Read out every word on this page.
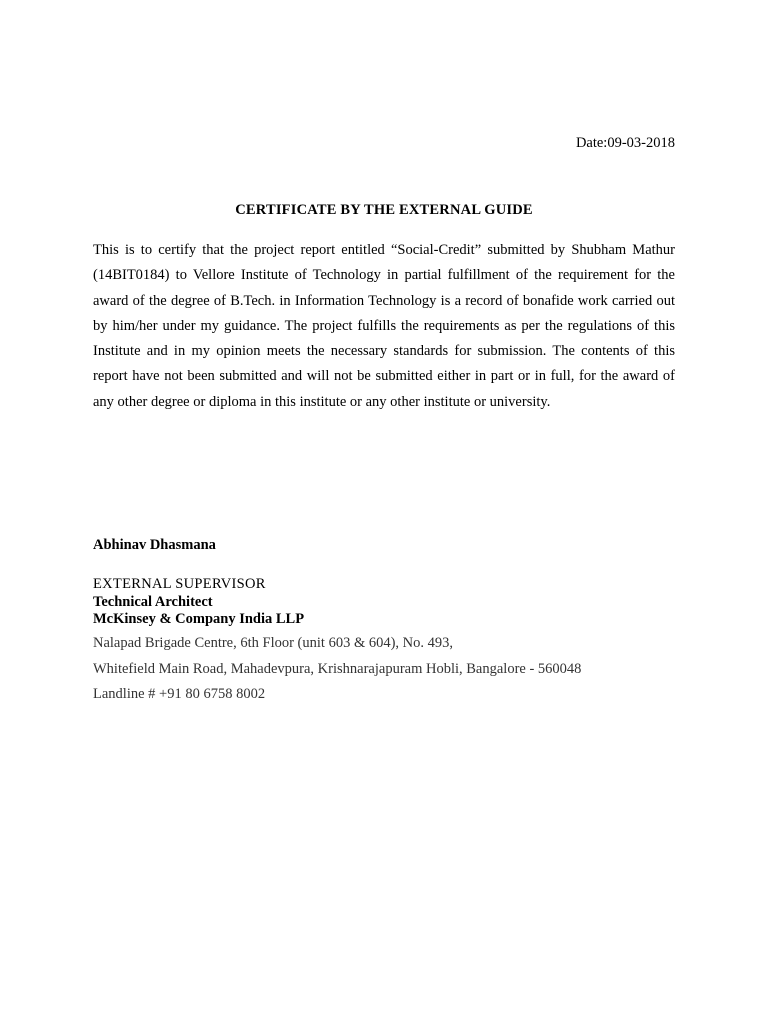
Date:09-03-2018
CERTIFICATE BY THE EXTERNAL GUIDE
This is to certify that the project report entitled “Social-Credit” submitted by Shubham Mathur (14BIT0184) to Vellore Institute of Technology in partial fulfillment of the requirement for the award of the degree of B.Tech. in Information Technology is a record of bonafide work carried out by him/her under my guidance. The project fulfills the requirements as per the regulations of this Institute and in my opinion meets the necessary standards for submission. The contents of this report have not been submitted and will not be submitted either in part or in full, for the award of any other degree or diploma in this institute or any other institute or university.
Abhinav Dhasmana
EXTERNAL SUPERVISOR
Technical Architect
McKinsey & Company India LLP
Nalapad Brigade Centre, 6th Floor (unit 603 & 604), No. 493,
Whitefield Main Road, Mahadevpura, Krishnarajapuram Hobli, Bangalore - 560048
Landline # +91 80 6758 8002
